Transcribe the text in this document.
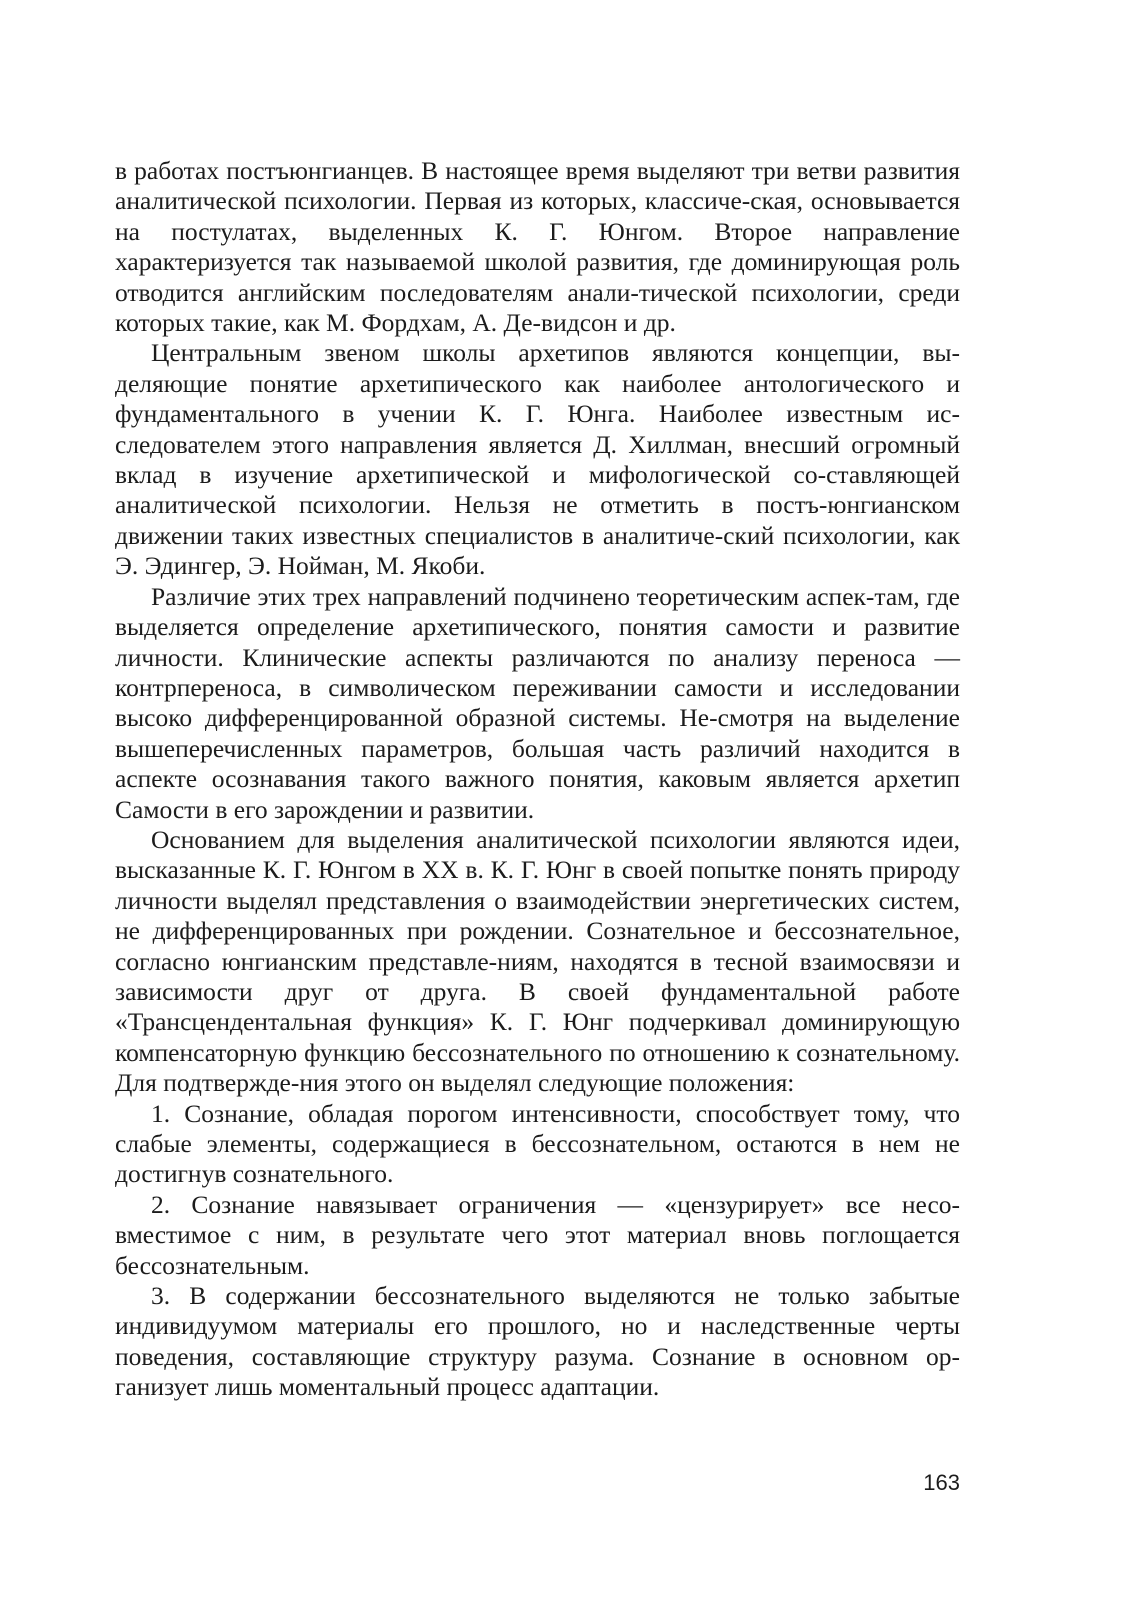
в работах постъюнгианцев. В настоящее время выделяют три ветви развития аналитической психологии. Первая из которых, классиче-ская, основывается на постулатах, выделенных К. Г. Юнгом. Второе направление характеризуется так называемой школой развития, где доминирующая роль отводится английским последователям анали-тической психологии, среди которых такие, как М. Фордхам, А. Де-видсон и др.

Центральным звеном школы архетипов являются концепции, вы-деляющие понятие архетипического как наиболее антологического и фундаментального в учении К. Г. Юнга. Наиболее известным ис-следователем этого направления является Д. Хиллман, внесший огромный вклад в изучение архетипической и мифологической со-ставляющей аналитической психологии. Нельзя не отметить в постъ-юнгианском движении таких известных специалистов в аналитиче-ский психологии, как Э. Эдингер, Э. Нойман, М. Якоби.

Различие этих трех направлений подчинено теоретическим аспек-там, где выделяется определение архетипического, понятия самости и развитие личности. Клинические аспекты различаются по анализу переноса — контрпереноса, в символическом переживании самости и исследовании высоко дифференцированной образной системы. Не-смотря на выделение вышеперечисленных параметров, большая часть различий находится в аспекте осознавания такого важного понятия, каковым является архетип Самости в его зарождении и развитии.

Основанием для выделения аналитической психологии являются идеи, высказанные К. Г. Юнгом в XX в. К. Г. Юнг в своей попытке понять природу личности выделял представления о взаимодействии энергетических систем, не дифференцированных при рождении. Сознательное и бессознательное, согласно юнгианским представле-ниям, находятся в тесной взаимосвязи и зависимости друг от друга. В своей фундаментальной работе «Трансцендентальная функция» К. Г. Юнг подчеркивал доминирующую компенсаторную функцию бессознательного по отношению к сознательному. Для подтвержде-ния этого он выделял следующие положения:

1. Сознание, обладая порогом интенсивности, способствует тому, что слабые элементы, содержащиеся в бессознательном, остаются в нем не достигнув сознательного.

2. Сознание навязывает ограничения — «цензурирует» все несо-вместимое с ним, в результате чего этот материал вновь поглощается бессознательным.

3. В содержании бессознательного выделяются не только забытые индивидуумом материалы его прошлого, но и наследственные черты поведения, составляющие структуру разума. Сознание в основном ор-ганизует лишь моментальный процесс адаптации.

163
